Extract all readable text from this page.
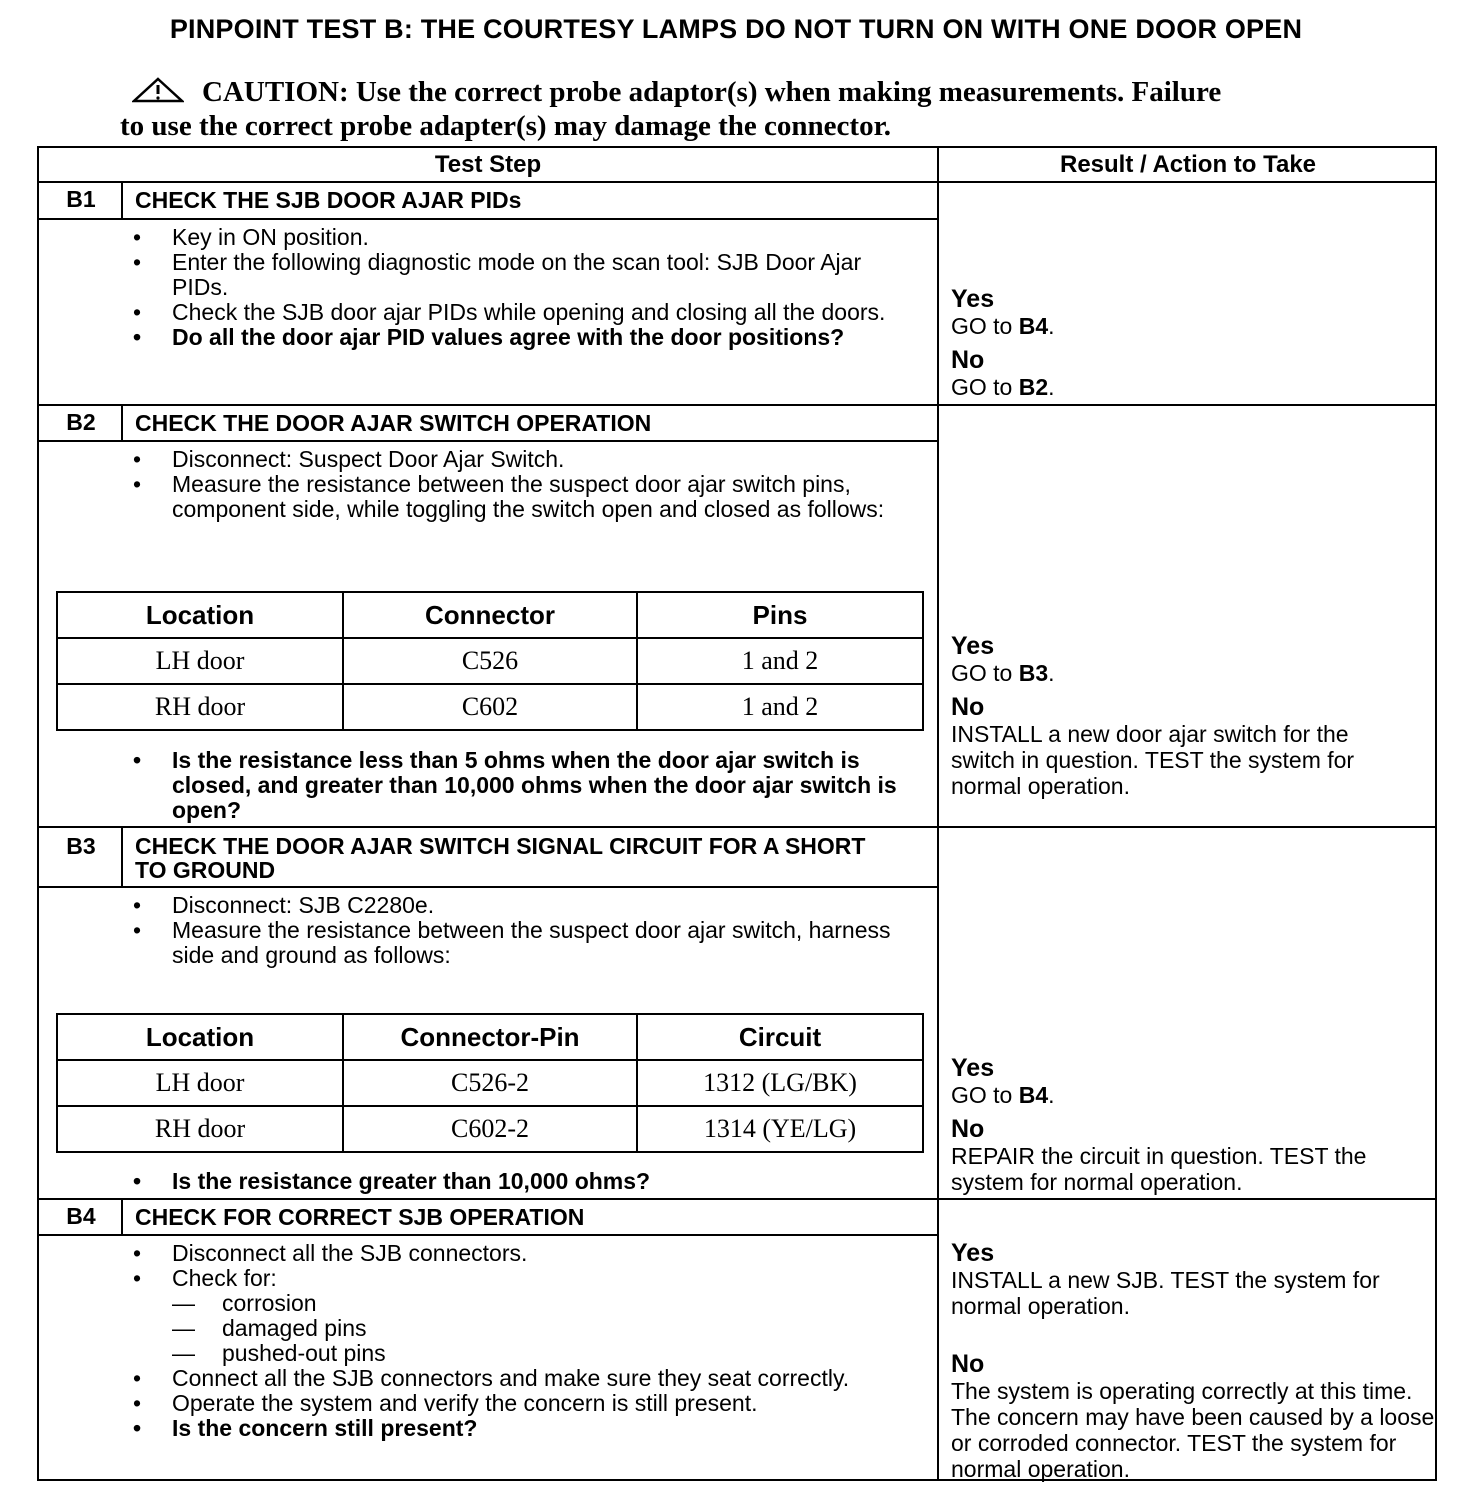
PINPOINT TEST B: THE COURTESY LAMPS DO NOT TURN ON WITH ONE DOOR OPEN
CAUTION: Use the correct probe adaptor(s) when making measurements. Failure
to use the correct probe adapter(s) may damage the connector.
Test Step	Result / Action to Take
B1	CHECK THE SJB DOOR AJAR PIDs
• Key in ON position.
• Enter the following diagnostic mode on the scan tool: SJB Door Ajar PIDs.
• Check the SJB door ajar PIDs while opening and closing all the doors.
• Do all the door ajar PID values agree with the door positions?
Yes
GO to B4.
No
GO to B2.
B2	CHECK THE DOOR AJAR SWITCH OPERATION
• Disconnect: Suspect Door Ajar Switch.
• Measure the resistance between the suspect door ajar switch pins, component side, while toggling the switch open and closed as follows:
Location	Connector	Pins
LH door	C526	1 and 2
RH door	C602	1 and 2
• Is the resistance less than 5 ohms when the door ajar switch is closed, and greater than 10,000 ohms when the door ajar switch is open?
Yes
GO to B3.
No
INSTALL a new door ajar switch for the switch in question. TEST the system for normal operation.
B3	CHECK THE DOOR AJAR SWITCH SIGNAL CIRCUIT FOR A SHORT TO GROUND
• Disconnect: SJB C2280e.
• Measure the resistance between the suspect door ajar switch, harness side and ground as follows:
Location	Connector-Pin	Circuit
LH door	C526-2	1312 (LG/BK)
RH door	C602-2	1314 (YE/LG)
• Is the resistance greater than 10,000 ohms?
Yes
GO to B4.
No
REPAIR the circuit in question. TEST the system for normal operation.
B4	CHECK FOR CORRECT SJB OPERATION
• Disconnect all the SJB connectors.
• Check for:
— corrosion
— damaged pins
— pushed-out pins
• Connect all the SJB connectors and make sure they seat correctly.
• Operate the system and verify the concern is still present.
• Is the concern still present?
Yes
INSTALL a new SJB. TEST the system for normal operation.
No
The system is operating correctly at this time. The concern may have been caused by a loose or corroded connector. TEST the system for normal operation.
